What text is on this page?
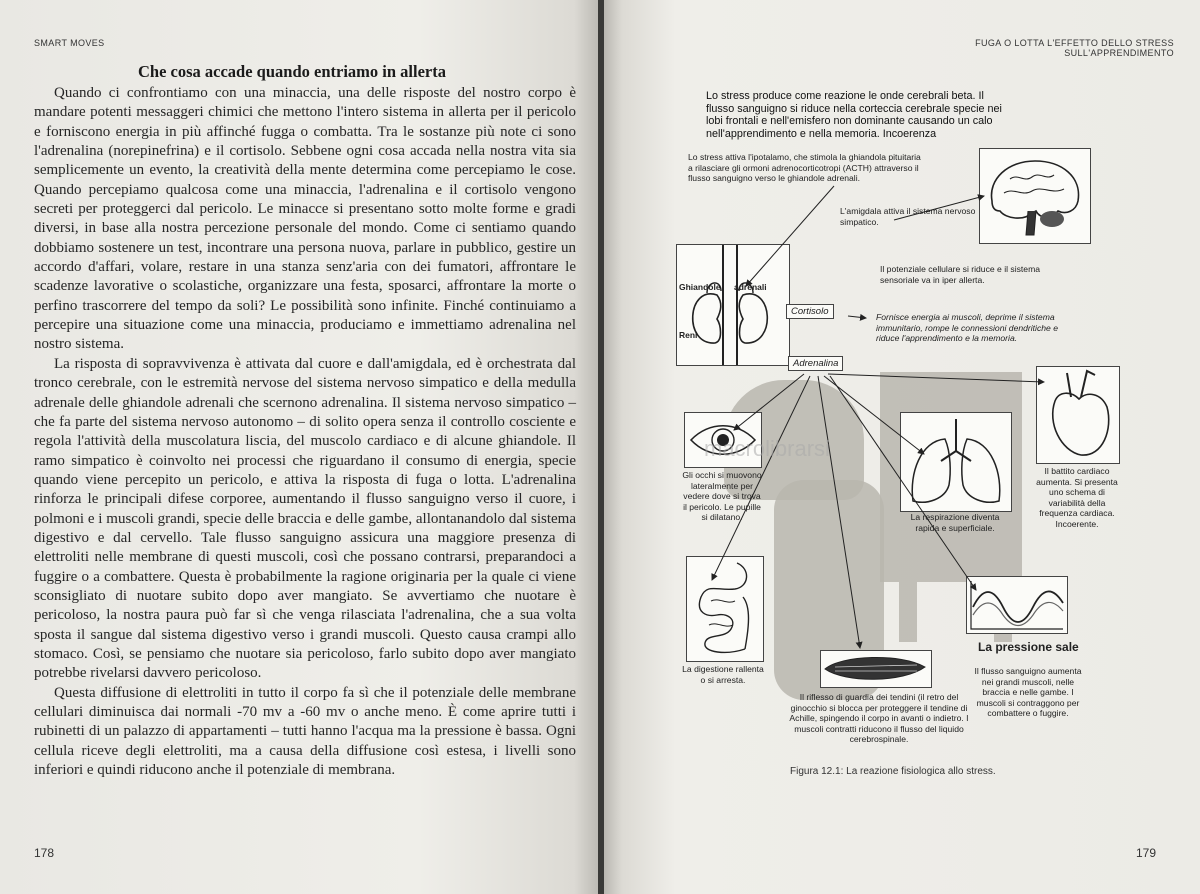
SMART MOVES
Che cosa accade quando entriamo in allerta

Quando ci confrontiamo con una minaccia, una delle risposte del nostro corpo è mandare potenti messaggeri chimici che mettono l'intero sistema in allerta per il pericolo e forniscono energia in più affinché fugga o combatta. Tra le sostanze più note ci sono l'adrenalina (norepinefrina) e il cortisolo. Sebbene ogni cosa accada nella nostra vita sia semplicemente un evento, la creatività della mente determina come percepiamo le cose. Quando percepiamo qualcosa come una minaccia, l'adrenalina e il cortisolo vengono secreti per proteggerci dal pericolo. Le minacce si presentano sotto molte forme e gradi diversi, in base alla nostra percezione personale del mondo. Come ci sentiamo quando dobbiamo sostenere un test, incontrare una persona nuova, parlare in pubblico, gestire un accordo d'affari, volare, restare in una stanza senz'aria con dei fumatori, affrontare le scadenze lavorative o scolastiche, organizzare una festa, sposarci, affrontare la morte o perfino trascorrere del tempo da soli? Le possibilità sono infinite. Finché continuiamo a percepire una situazione come una minaccia, produciamo e immettiamo adrenalina nel nostro sistema.

La risposta di sopravvivenza è attivata dal cuore e dall'amigdala, ed è orchestrata dal tronco cerebrale, con le estremità nervose del sistema nervoso simpatico e della medulla adrenale delle ghiandole adrenali che scernono adrenalina. Il sistema nervoso simpatico – che fa parte del sistema nervoso autonomo – di solito opera senza il controllo cosciente e regola l'attività della muscolatura liscia, del muscolo cardiaco e di alcune ghiandole. Il ramo simpatico è coinvolto nei processi che riguardano il consumo di energia, specie quando viene percepito un pericolo, e attiva la risposta di fuga o lotta. L'adrenalina rinforza le principali difese corporee, aumentando il flusso sanguigno verso il cuore, i polmoni e i muscoli grandi, specie delle braccia e delle gambe, allontanandolo dal sistema digestivo e dal cervello. Tale flusso sanguigno assicura una maggiore presenza di elettroliti nelle membrane di questi muscoli, così che possano contrarsi, preparandoci a fuggire o a combattere. Questa è probabilmente la ragione originaria per la quale ci viene sconsigliato di nuotare subito dopo aver mangiato. Se avvertiamo che nuotare è pericoloso, la nostra paura può far sì che venga rilasciata l'adrenalina, che a sua volta sposta il sangue dal sistema digestivo verso i grandi muscoli. Questo causa crampi allo stomaco. Così, se pensiamo che nuotare sia pericoloso, farlo subito dopo aver mangiato potrebbe rivelarsi davvero pericoloso.

Questa diffusione di elettroliti in tutto il corpo fa sì che il potenziale delle membrane cellulari diminuisca dai normali -70 mv a -60 mv o anche meno. È come aprire tutti i rubinetti di un palazzo di appartamenti – tutti hanno l'acqua ma la pressione è bassa. Ogni cellula riceve degli elettroliti, ma a causa della diffusione così estesa, i livelli sono inferiori e quindi riducono anche il potenziale di membrana.

178
FUGA O LOTTA L'EFFETTO DELLO STRESS SULL'APPRENDIMENTO
Lo stress produce come reazione le onde cerebrali beta. Il flusso sanguigno si riduce nella corteccia cerebrale specie nei lobi frontali e nell'emisfero non dominante causando un calo nell'apprendimento e nella memoria. Incoerenza
Lo stress attiva l'ipotalamo, che stimola la ghiandola pituitaria a rilasciare gli ormoni adrenocorticotropi (ACTH) attraverso il flusso sanguigno verso le ghiandole adrenali.
L'amigdala attiva il sistema nervoso simpatico.
Il potenziale cellulare si riduce e il sistema sensoriale va in iper allerta.
Ghiandole adrenali
Reni
Cortisolo
Adrenalina
Fornisce energia ai muscoli, deprime il sistema immunitario, rompe le connessioni dendritiche e riduce l'apprendimento e la memoria.
Gli occhi si muovono lateralmente per vedere dove si trova il pericolo. Le pupille si dilatano.	La respirazione diventa rapida e superficiale.
Il battito cardiaco aumenta. Si presenta uno schema di variabilità della frequenza cardiaca. Incoerente.
La digestione rallenta o si arresta.
Il riflesso di guardia dei tendini (il retro del ginocchio si blocca per proteggere il tendine di Achille, spingendo il corpo in avanti o indietro. I muscoli contratti riducono il flusso del liquido cerebrospinale.
La pressione sale
Il flusso sanguigno aumenta nei grandi muscoli, nelle braccia e nelle gambe. I muscoli si contraggono per combattere o fuggire.
macrolibrarsi
Figura 12.1: La reazione fisiologica allo stress.
179
